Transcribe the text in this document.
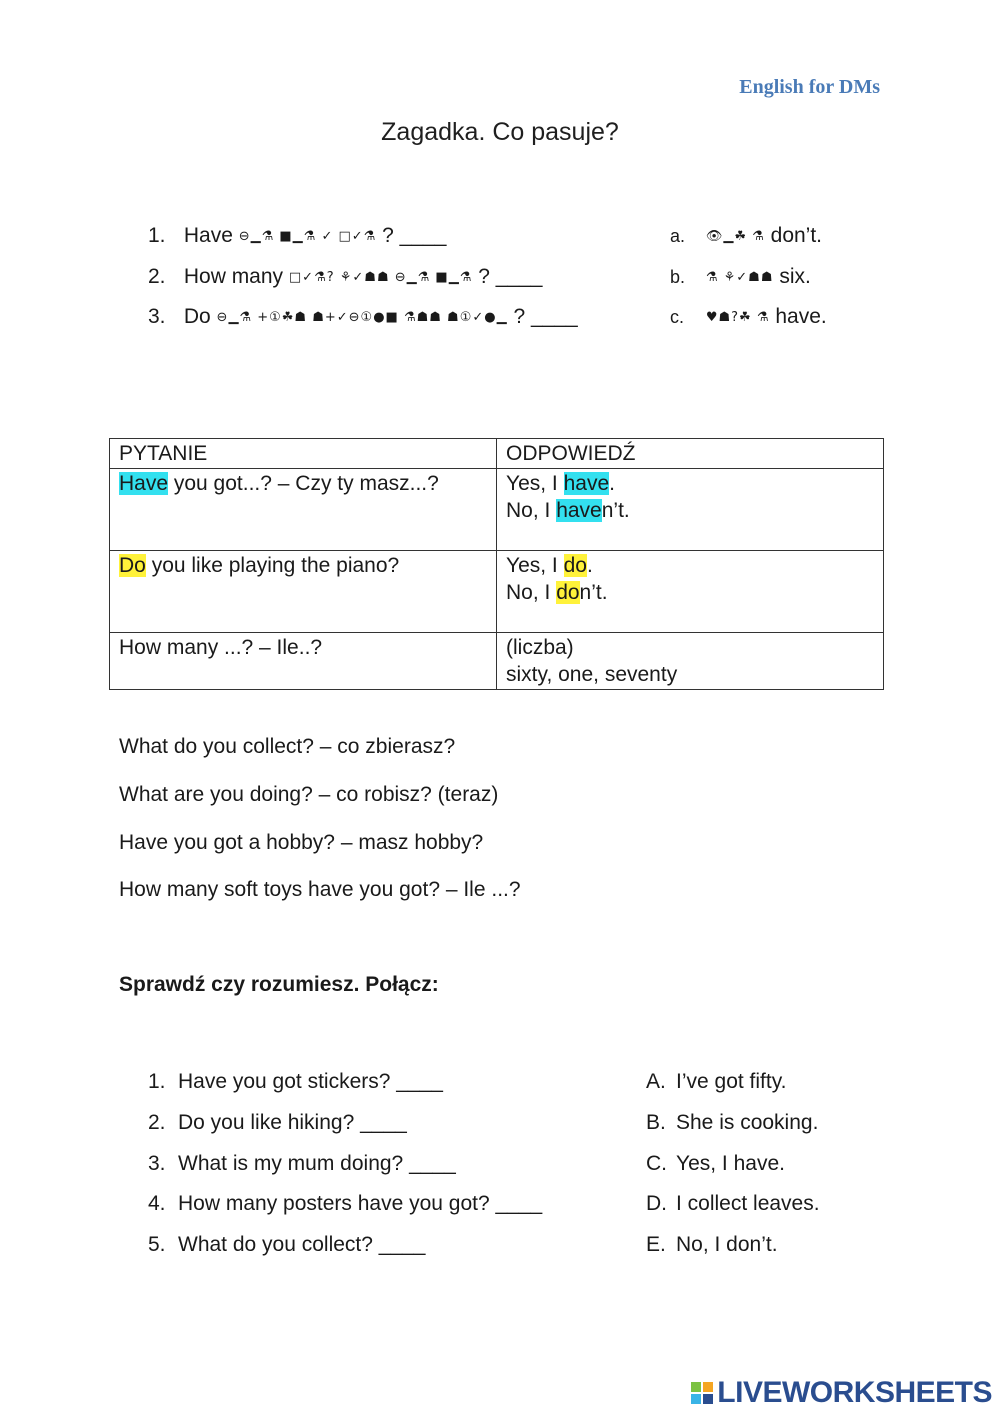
English for DMs
Zagadka. Co pasuje?
1. Have ⊖▁⚗ ■▁⚗ ✓ □✓⚗ ? ____
2. How many □✓⚗? ⚘✓☗☗ ⊖▁⚗ ■▁⚗ ? ____
3. Do ⊖▁⚗ +①☘☗ ☗+✓⊖①●■ ⚗☗☗ ☗①✓●▁ ? ____
a. 👁▁☘ ⚗ don’t.
b. ⚗ ⚘✓☗☗ six.
c. ♥☗?☘ ⚗ have.
PYTANIE	ODPOWIEDŹ
Have you got...? – Czy ty masz...?	Yes, I have.
No, I haven’t.

Do you like playing the piano?	Yes, I do.
No, I don’t.

How many ...? – Ile..?	(liczba)
sixty, one, seventy
What do you collect? – co zbierasz?
What are you doing? – co robisz? (teraz)
Have you got a hobby? – masz hobby?
How many soft toys have you got? – Ile ...?
Sprawdź czy rozumiesz. Połącz:
1. Have you got stickers? ____
2. Do you like hiking? ____
3. What is my mum doing? ____
4. How many posters have you got? ____
5. What do you collect? ____
A. I’ve got fifty.
B. She is cooking.
C. Yes, I have.
D. I collect leaves.
E. No, I don’t.
LIVEWORKSHEETS
